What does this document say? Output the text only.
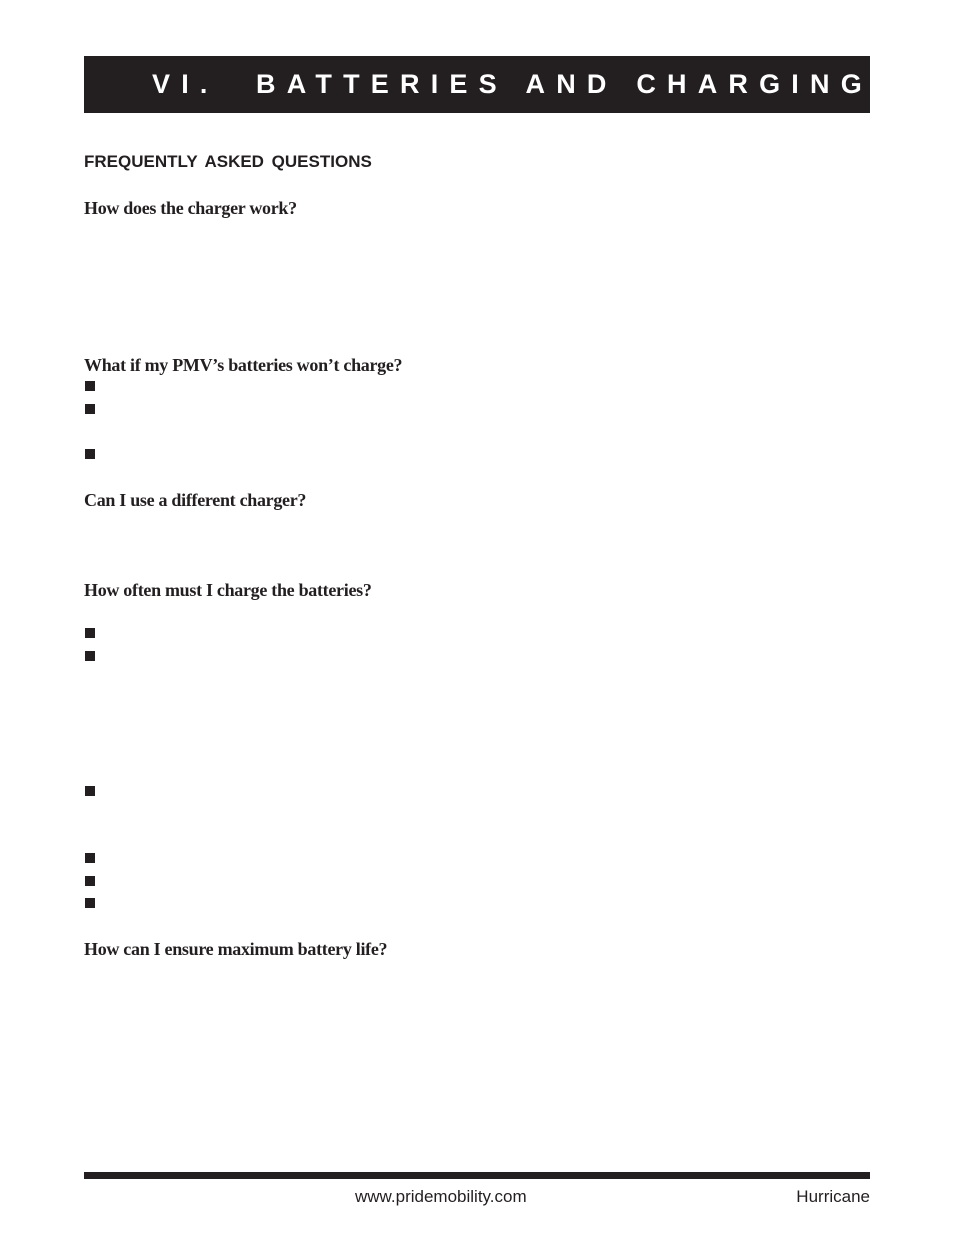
VI.  BATTERIES AND CHARGING
FREQUENTLY ASKED QUESTIONS
How does the charger work?
What if my PMV’s batteries won’t charge?
Can I use a different charger?
How often must I charge the batteries?
How can I ensure maximum battery life?

www.pridemobility.com	Hurricane
